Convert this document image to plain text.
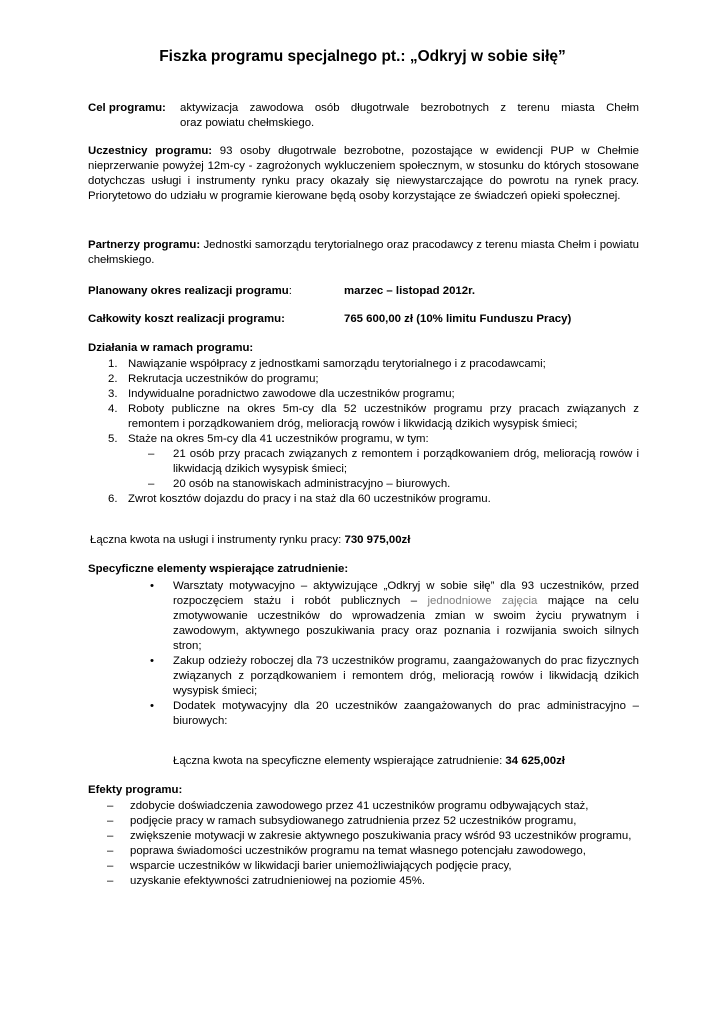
Fiszka programu specjalnego pt.: „Odkryj w sobie siłę”
Cel programu: aktywizacja zawodowa osób długotrwale bezrobotnych z terenu miasta Chełm
oraz powiatu chełmskiego.
Uczestnicy programu: 93 osoby długotrwale bezrobotne, pozostające w ewidencji PUP w Chełmie nieprzerwanie powyżej 12m-cy - zagrożonych wykluczeniem społecznym, w stosunku do których stosowane dotychczas usługi i instrumenty rynku pracy okazały się niewystarczające do powrotu na rynek pracy. Priorytetowo do udziału w programie kierowane będą osoby korzystające ze świadczeń opieki społecznej.
Partnerzy programu: Jednostki samorządu terytorialnego oraz pracodawcy z terenu miasta Chełm i powiatu chełmskiego.
Planowany okres realizacji programu:	marzec – listopad 2012r.
Całkowity koszt realizacji programu:	765 600,00 zł (10% limitu Funduszu Pracy)
Działania w ramach programu:
1. Nawiązanie współpracy z jednostkami samorządu terytorialnego i z pracodawcami;
2. Rekrutacja uczestników do programu;
3. Indywidualne poradnictwo zawodowe dla uczestników programu;
4. Roboty publiczne na okres 5m-cy dla 52 uczestników programu przy pracach związanych z remontem i porządkowaniem dróg, melioracją rowów i likwidacją dzikich wysypisk śmieci;
5. Staże na okres 5m-cy dla 41 uczestników programu, w tym:
– 21 osób przy pracach związanych z remontem i porządkowaniem dróg, melioracją rowów i likwidacją dzikich wysypisk śmieci;
– 20 osób na stanowiskach administracyjno – biurowych.
6. Zwrot kosztów dojazdu do pracy i na staż dla 60 uczestników programu.
Łączna kwota na usługi i instrumenty rynku pracy: 730 975,00zł
Specyficzne elementy wspierające zatrudnienie:
• Warsztaty motywacyjno – aktywizujące „Odkryj w sobie siłę” dla 93 uczestników, przed rozpoczęciem stażu i robót publicznych – jednodniowe zajęcia mające na celu zmotywowanie uczestników do wprowadzenia zmian w swoim życiu prywatnym i zawodowym, aktywnego poszukiwania pracy oraz poznania i rozwijania swoich silnych stron;
• Zakup odzieży roboczej dla 73 uczestników programu, zaangażowanych do prac fizycznych związanych z porządkowaniem i remontem dróg, melioracją rowów i likwidacją dzikich wysypisk śmieci;
• Dodatek motywacyjny dla 20 uczestników zaangażowanych do prac administracyjno – biurowych:
Łączna kwota na specyficzne elementy wspierające zatrudnienie: 34 625,00zł
Efekty programu:
– zdobycie doświadczenia zawodowego przez 41 uczestników programu odbywających staż,
– podjęcie pracy w ramach subsydiowanego zatrudnienia przez 52 uczestników programu,
– zwiększenie motywacji w zakresie aktywnego poszukiwania pracy wśród 93 uczestników programu,
– poprawa świadomości uczestników programu na temat własnego potencjału zawodowego,
– wsparcie uczestników w likwidacji barier uniemożliwiających podjęcie pracy,
– uzyskanie efektywności zatrudnieniowej na poziomie 45%.
